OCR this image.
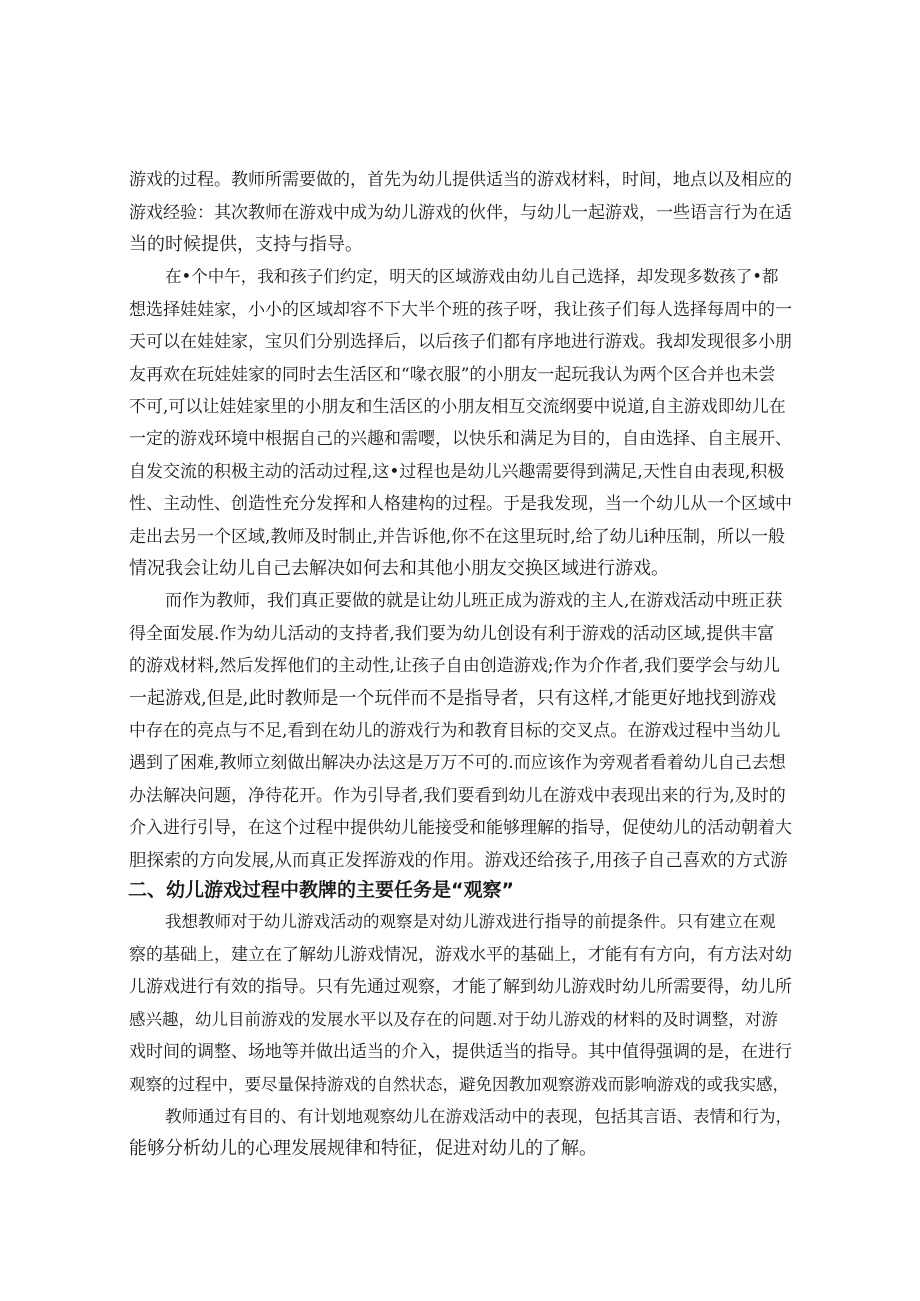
游戏的过程。教师所需要做的，首先为幼儿提供适当的游戏材料，时间，地点以及相应的
游戏经验：其次教师在游戏中成为幼儿游戏的伙伴，与幼儿一起游戏，一些语言行为在适
当的时候提供，支持与指导。
在•个中午，我和孩子们约定，明天的区域游戏由幼儿自己选择，却发现多数孩了•都
想选择娃娃家，小小的区域却容不下大半个班的孩子呀，我让孩子们每人选择每周中的一
天可以在娃娃家，宝贝们分别选择后，以后孩子们都有序地进行游戏。我却发现很多小朋
友再欢在玩娃娃家的同时去生活区和“喙衣服”的小朋友一起玩我认为两个区合并也未尝
不可,可以让娃娃家里的小朋友和生活区的小朋友相互交流纲要中说道,自主游戏即幼儿在
一定的游戏环境中根据自己的兴趣和需嘤，以快乐和满足为目的，自由选择、自主展开、
自发交流的积极主动的活动过程,这•过程也是幼儿兴趣需要得到满足,天性自由表现,积极
性、主动性、创造性充分发挥和人格建构的过程。于是我发现，当一个幼儿从一个区域中
走出去另一个区域,教师及时制止,并告诉他,你不在这里玩时,给了幼儿i种压制，所以一般
情况我会让幼儿自己去解决如何去和其他小朋友交换区域进行游戏。
而作为教师，我们真正要做的就是让幼儿班正成为游戏的主人,在游戏活动中班正获
得全面发展.作为幼儿活动的支持者,我们要为幼儿创设有利于游戏的活动区域,提供丰富
的游戏材料,然后发挥他们的主动性,让孩子自由创造游戏;作为介作者,我们要学会与幼儿
一起游戏,但是,此时教师是一个玩伴而不是指导者，只有这样,才能更好地找到游戏
中存在的亮点与不足,看到在幼儿的游戏行为和教育目标的交叉点。在游戏过程中当幼儿
遇到了困难,教师立刻做出解决办法这是万万不可的.而应该作为旁观者看着幼儿自己去想
办法解决问题，净待花开。作为引导者,我们要看到幼儿在游戏中表现出来的行为,及时的
介入进行引导，在这个过程中提供幼儿能接受和能够理解的指导，促使幼儿的活动朝着大
胆探索的方向发展,从而真正发挥游戏的作用。游戏还给孩子,用孩子自己喜欢的方式游
二、幼儿游戏过程中教牌的主要任务是“观察”
我想教师对于幼儿游戏活动的观察是对幼儿游戏进行指导的前提条件。只有建立在观
察的基础上，建立在了解幼儿游戏情况，游戏水平的基础上，才能有有方向，有方法对幼
儿游戏进行有效的指导。只有先通过观察，才能了解到幼儿游戏时幼儿所需要得，幼儿所
感兴趣，幼儿目前游戏的发展水平以及存在的问题.对于幼儿游戏的材料的及时调整，对游
戏时间的调整、场地等并做出适当的介入，提供适当的指导。其中值得强调的是，在进行
观察的过程中，要尽量保持游戏的自然状态，避免因教加观察游戏而影响游戏的或我实感，
教师通过有目的、有计划地观察幼儿在游戏活动中的表现，包括其言语、表情和行为，
能够分析幼儿的心理发展规律和特征，促进对幼儿的了解。
